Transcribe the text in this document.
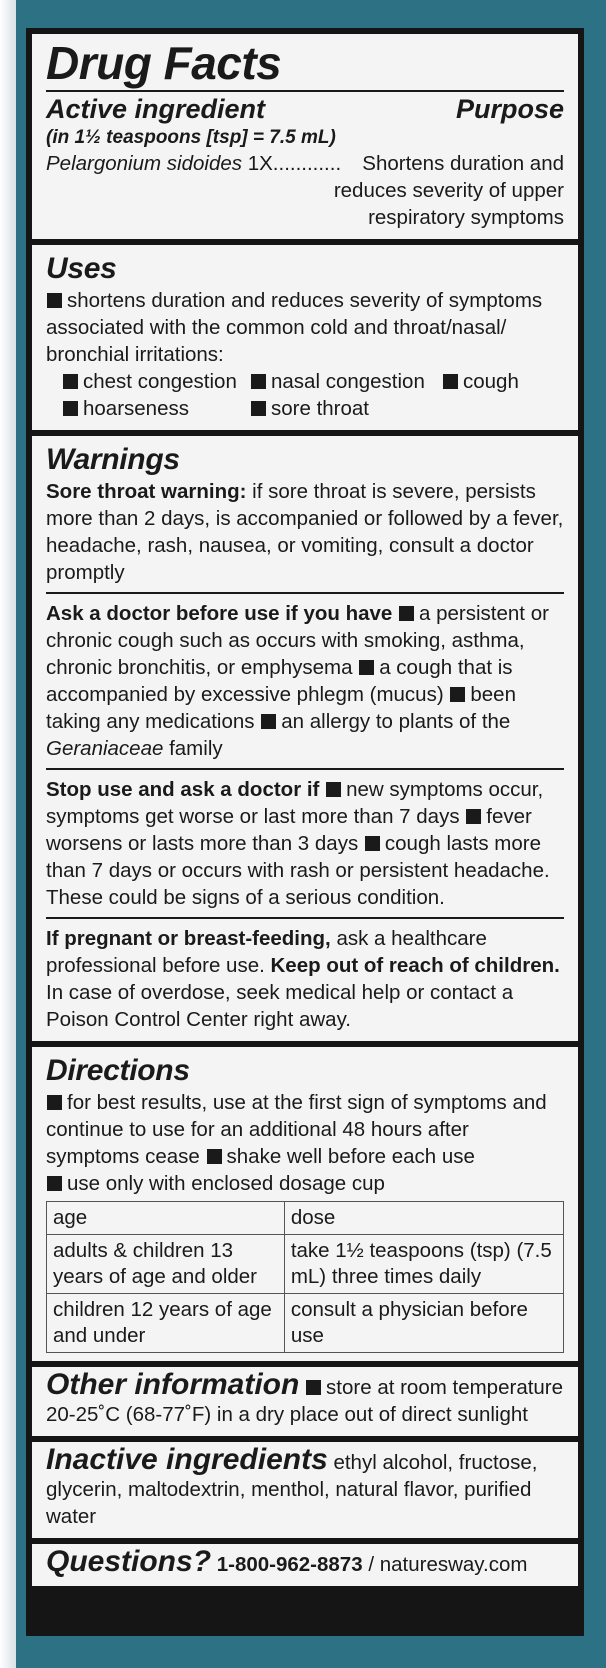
Drug Facts
Active ingredient	Purpose
(in 1½ teaspoons [tsp] = 7.5 mL)
Pelargonium sidoides 1X............	Shortens duration and reduces severity of upper respiratory symptoms
Uses
shortens duration and reduces severity of symptoms associated with the common cold and throat/nasal/ bronchial irritations:
chest congestion	nasal congestion	cough
hoarseness	sore throat
Warnings
Sore throat warning: if sore throat is severe, persists more than 2 days, is accompanied or followed by a fever, headache, rash, nausea, or vomiting, consult a doctor promptly
Ask a doctor before use if you have a persistent or chronic cough such as occurs with smoking, asthma, chronic bronchitis, or emphysema a cough that is accompanied by excessive phlegm (mucus) been taking any medications an allergy to plants of the Geraniaceae family
Stop use and ask a doctor if new symptoms occur, symptoms get worse or last more than 7 days fever worsens or lasts more than 3 days cough lasts more than 7 days or occurs with rash or persistent headache. These could be signs of a serious condition.
If pregnant or breast-feeding, ask a healthcare professional before use. Keep out of reach of children. In case of overdose, seek medical help or contact a Poison Control Center right away.
Directions
for best results, use at the first sign of symptoms and continue to use for an additional 48 hours after symptoms cease shake well before each use
use only with enclosed dosage cup
age	dose
adults & children 13 years of age and older	take 1½ teaspoons (tsp) (7.5 mL) three times daily
children 12 years of age and under	consult a physician before use
Other information store at room temperature 20-25˚C (68-77˚F) in a dry place out of direct sunlight
Inactive ingredients ethyl alcohol, fructose, glycerin, maltodextrin, menthol, natural flavor, purified water
Questions? 1-800-962-8873 / naturesway.com
